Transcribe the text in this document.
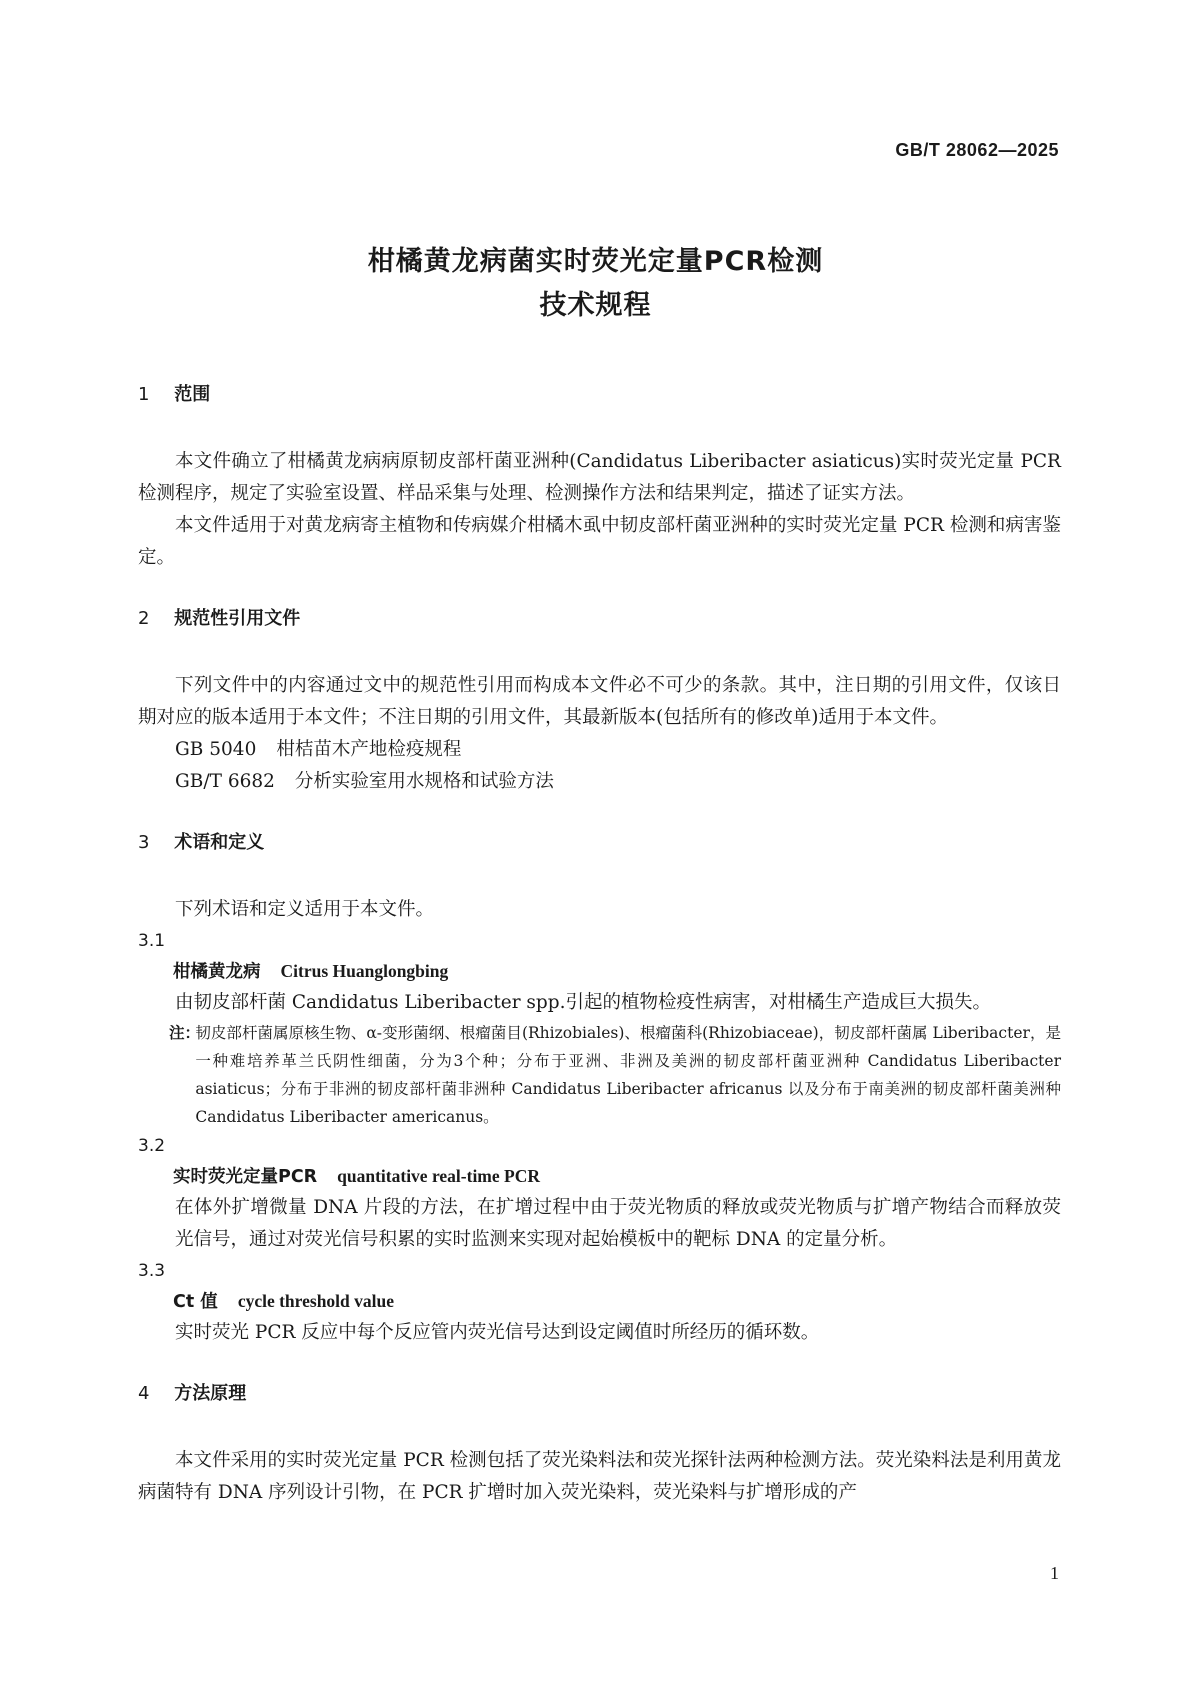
GB/T 28062—2025
柑橘黄龙病菌实时荧光定量PCR检测
技术规程
1 范围

本文件确立了柑橘黄龙病病原韧皮部杆菌亚洲种(Candidatus Liberibacter asiaticus)实时荧光定量 PCR 检测程序，规定了实验室设置、样品采集与处理、检测操作方法和结果判定，描述了证实方法。

本文件适用于对黄龙病寄主植物和传病媒介柑橘木虱中韧皮部杆菌亚洲种的实时荧光定量 PCR 检测和病害鉴定。

2 规范性引用文件

下列文件中的内容通过文中的规范性引用而构成本文件必不可少的条款。其中，注日期的引用文件，仅该日期对应的版本适用于本文件；不注日期的引用文件，其最新版本(包括所有的修改单)适用于本文件。

GB 5040 柑桔苗木产地检疫规程
GB/T 6682 分析实验室用水规格和试验方法
3 术语和定义

下列术语和定义适用于本文件。

3.1
柑橘黄龙病 Citrus Huanglongbing
由韧皮部杆菌 Candidatus Liberibacter spp.引起的植物检疫性病害，对柑橘生产造成巨大损失。
注：
韧皮部杆菌属原核生物、α-变形菌纲、根瘤菌目(Rhizobiales)、根瘤菌科(Rhizobiaceae)，韧皮部杆菌属 Liberibacter，是一种难培养革兰氏阴性细菌，分为3个种；分布于亚洲、非洲及美洲的韧皮部杆菌亚洲种 Candidatus Liberibacter asiaticus；分布于非洲的韧皮部杆菌非洲种 Candidatus Liberibacter africanus 以及分布于南美洲的韧皮部杆菌美洲种 Candidatus Liberibacter americanus。
3.2
实时荧光定量PCR quantitative real-time PCR
在体外扩增微量 DNA 片段的方法，在扩增过程中由于荧光物质的释放或荧光物质与扩增产物结合而释放荧光信号，通过对荧光信号积累的实时监测来实现对起始模板中的靶标 DNA 的定量分析。
3.3
Ct 值 cycle threshold value
实时荧光 PCR 反应中每个反应管内荧光信号达到设定阈值时所经历的循环数。
4 方法原理

本文件采用的实时荧光定量 PCR 检测包括了荧光染料法和荧光探针法两种检测方法。荧光染料法是利用黄龙病菌特有 DNA 序列设计引物，在 PCR 扩增时加入荧光染料，荧光染料与扩增形成的产

1
